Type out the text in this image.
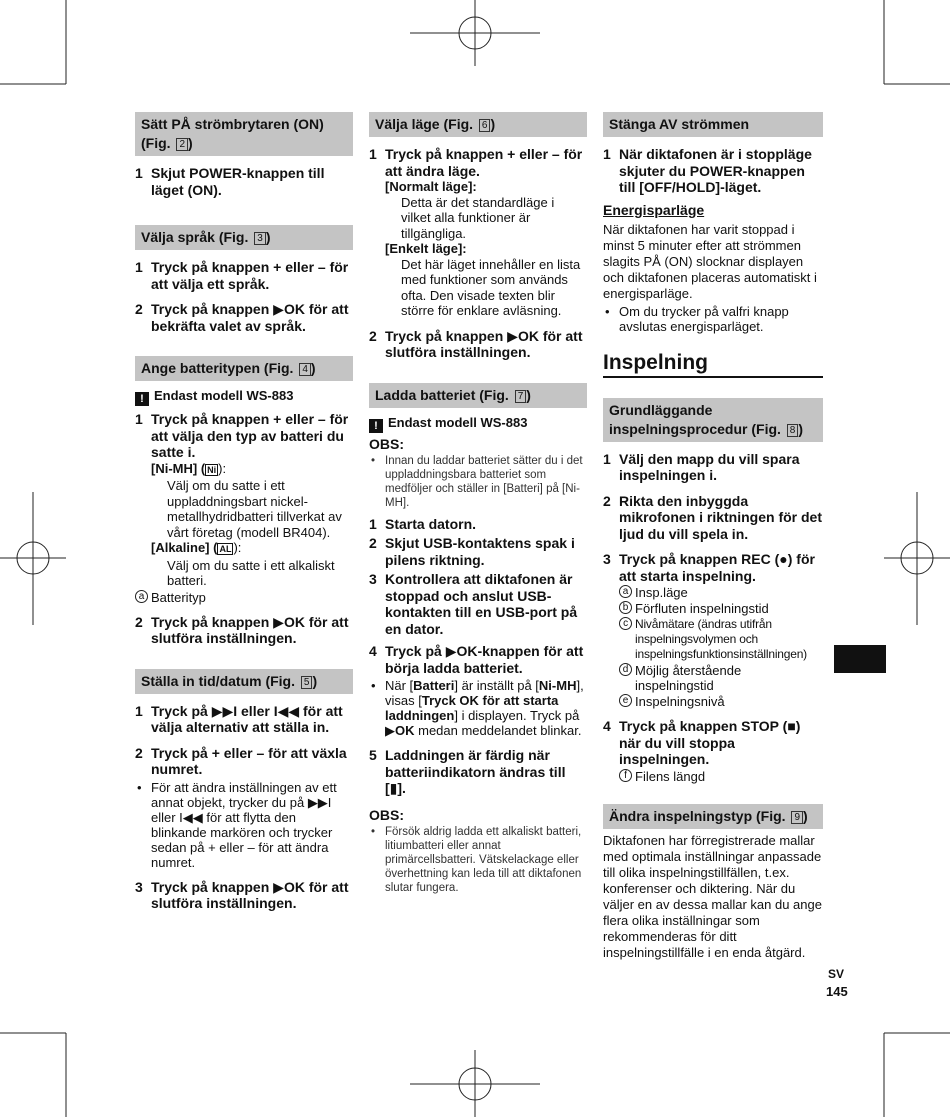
Sätt PÅ strömbrytaren (ON)
(Fig. 2 )
1 Skjut POWER-knappen till läget (ON).
Välja språk (Fig. 3 )
1 Tryck på knappen + eller – för att välja ett språk.
2 Tryck på knappen ▶OK för att bekräfta valet av språk.
Ange batteritypen (Fig. 4 )
! Endast modell WS-883
1 Tryck på knappen + eller – för att välja den typ av batteri du satte i.
[Ni-MH] ( Ni ):
Välj om du satte i ett uppladdningsbart nickel-metallhydridbatteri tillverkat av vårt företag (modell BR404).
[Alkaline] ( AL ):
Välj om du satte i ett alkaliskt batteri.
a Batterityp
2 Tryck på knappen ▶OK för att slutföra inställningen.
Ställa in tid/datum (Fig. 5 )
1 Tryck på ▶▶I eller I◀◀ för att välja alternativ att ställa in.
2 Tryck på + eller – för att växla numret.
• För att ändra inställningen av ett annat objekt, trycker du på ▶▶I eller I◀◀ för att flytta den blinkande markören och trycker sedan på + eller – för att ändra numret.
3 Tryck på knappen ▶OK för att slutföra inställningen.
Välja läge (Fig. 6 )
1 Tryck på knappen + eller – för att ändra läge.
[Normalt läge]:
Detta är det standardläge i vilket alla funktioner är tillgängliga.
[Enkelt läge]:
Det här läget innehåller en lista med funktioner som används ofta. Den visade texten blir större för enklare avläsning.
2 Tryck på knappen ▶OK för att slutföra inställningen.
Ladda batteriet (Fig. 7 )
! Endast modell WS-883
OBS:
• Innan du laddar batteriet sätter du i det uppladdningsbara batteriet som medföljer och ställer in [Batteri] på [Ni-MH].
1 Starta datorn.
2 Skjut USB-kontaktens spak i pilens riktning.
3 Kontrollera att diktafonen är stoppad och anslut USB-kontakten till en USB-port på en dator.
4 Tryck på ▶OK-knappen för att börja ladda batteriet.
• När [Batteri] är inställt på [Ni-MH], visas [Tryck OK för att starta laddningen] i displayen. Tryck på ▶OK medan meddelandet blinkar.
5 Laddningen är färdig när batteriindikatorn ändras till [▮].
OBS:
• Försök aldrig ladda ett alkaliskt batteri, litiumbatteri eller annat primärcellsbatteri. Vätskelackage eller överhettning kan leda till att diktafonen slutar fungera.
Stänga AV strömmen
1 När diktafonen är i stoppläge skjuter du POWER-knappen till [OFF/HOLD]-läget.
Energisparläge
När diktafonen har varit stoppad i minst 5 minuter efter att strömmen slagits PÅ (ON) slocknar displayen och diktafonen placeras automatiskt i energisparläge.
• Om du trycker på valfri knapp avslutas energisparläget.
Inspelning
Grundläggande
inspelningsprocedur (Fig. 8 )
1 Välj den mapp du vill spara inspelningen i.
2 Rikta den inbyggda mikrofonen i riktningen för det ljud du vill spela in.
3 Tryck på knappen REC (●) för att starta inspelning.
a Insp.läge
b Förfluten inspelningstid
c Nivåmätare (ändras utifrån inspelningsvolymen och inspelningsfunktionsinställningen)
d Möjlig återstående inspelningstid
e Inspelningsnivå
4 Tryck på knappen STOP (■) när du vill stoppa inspelningen.
f Filens längd
Ändra inspelningstyp (Fig. 9 )
Diktafonen har förregistrerade mallar med optimala inställningar anpassade till olika inspelningstillfällen, t.ex. konferenser och diktering. När du väljer en av dessa mallar kan du ange flera olika inställningar som rekommenderas för ditt inspelningstillfälle i en enda åtgärd.
SV
145
